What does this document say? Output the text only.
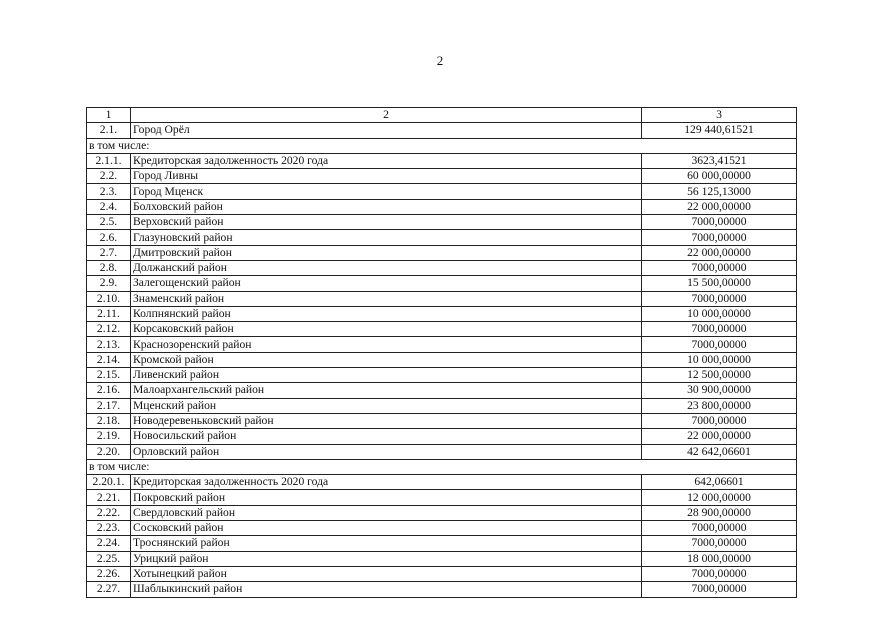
2
1	2	3
2.1.	Город Орёл	129 440,61521
в том числе:		
2.1.1.	Кредиторская задолженность 2020 года	3623,41521
2.2.	Город Ливны	60 000,00000
2.3.	Город Мценск	56 125,13000
2.4.	Болховский район	22 000,00000
2.5.	Верховский район	7000,00000
2.6.	Глазуновский район	7000,00000
2.7.	Дмитровский район	22 000,00000
2.8.	Должанский район	7000,00000
2.9.	Залегощенский район	15 500,00000
2.10.	Знаменский район	7000,00000
2.11.	Колпнянский район	10 000,00000
2.12.	Корсаковский район	7000,00000
2.13.	Краснозоренский район	7000,00000
2.14.	Кромской район	10 000,00000
2.15.	Ливенский район	12 500,00000
2.16.	Малоархангельский район	30 900,00000
2.17.	Мценский район	23 800,00000
2.18.	Новодеревеньковский район	7000,00000
2.19.	Новосильский район	22 000,00000
2.20.	Орловский район	42 642,06601
в том числе:		
2.20.1.	Кредиторская задолженность 2020 года	642,06601
2.21.	Покровский район	12 000,00000
2.22.	Свердловский район	28 900,00000
2.23.	Сосковский район	7000,00000
2.24.	Троснянский район	7000,00000
2.25.	Урицкий район	18 000,00000
2.26.	Хотынецкий район	7000,00000
2.27.	Шаблыкинский район	7000,00000
